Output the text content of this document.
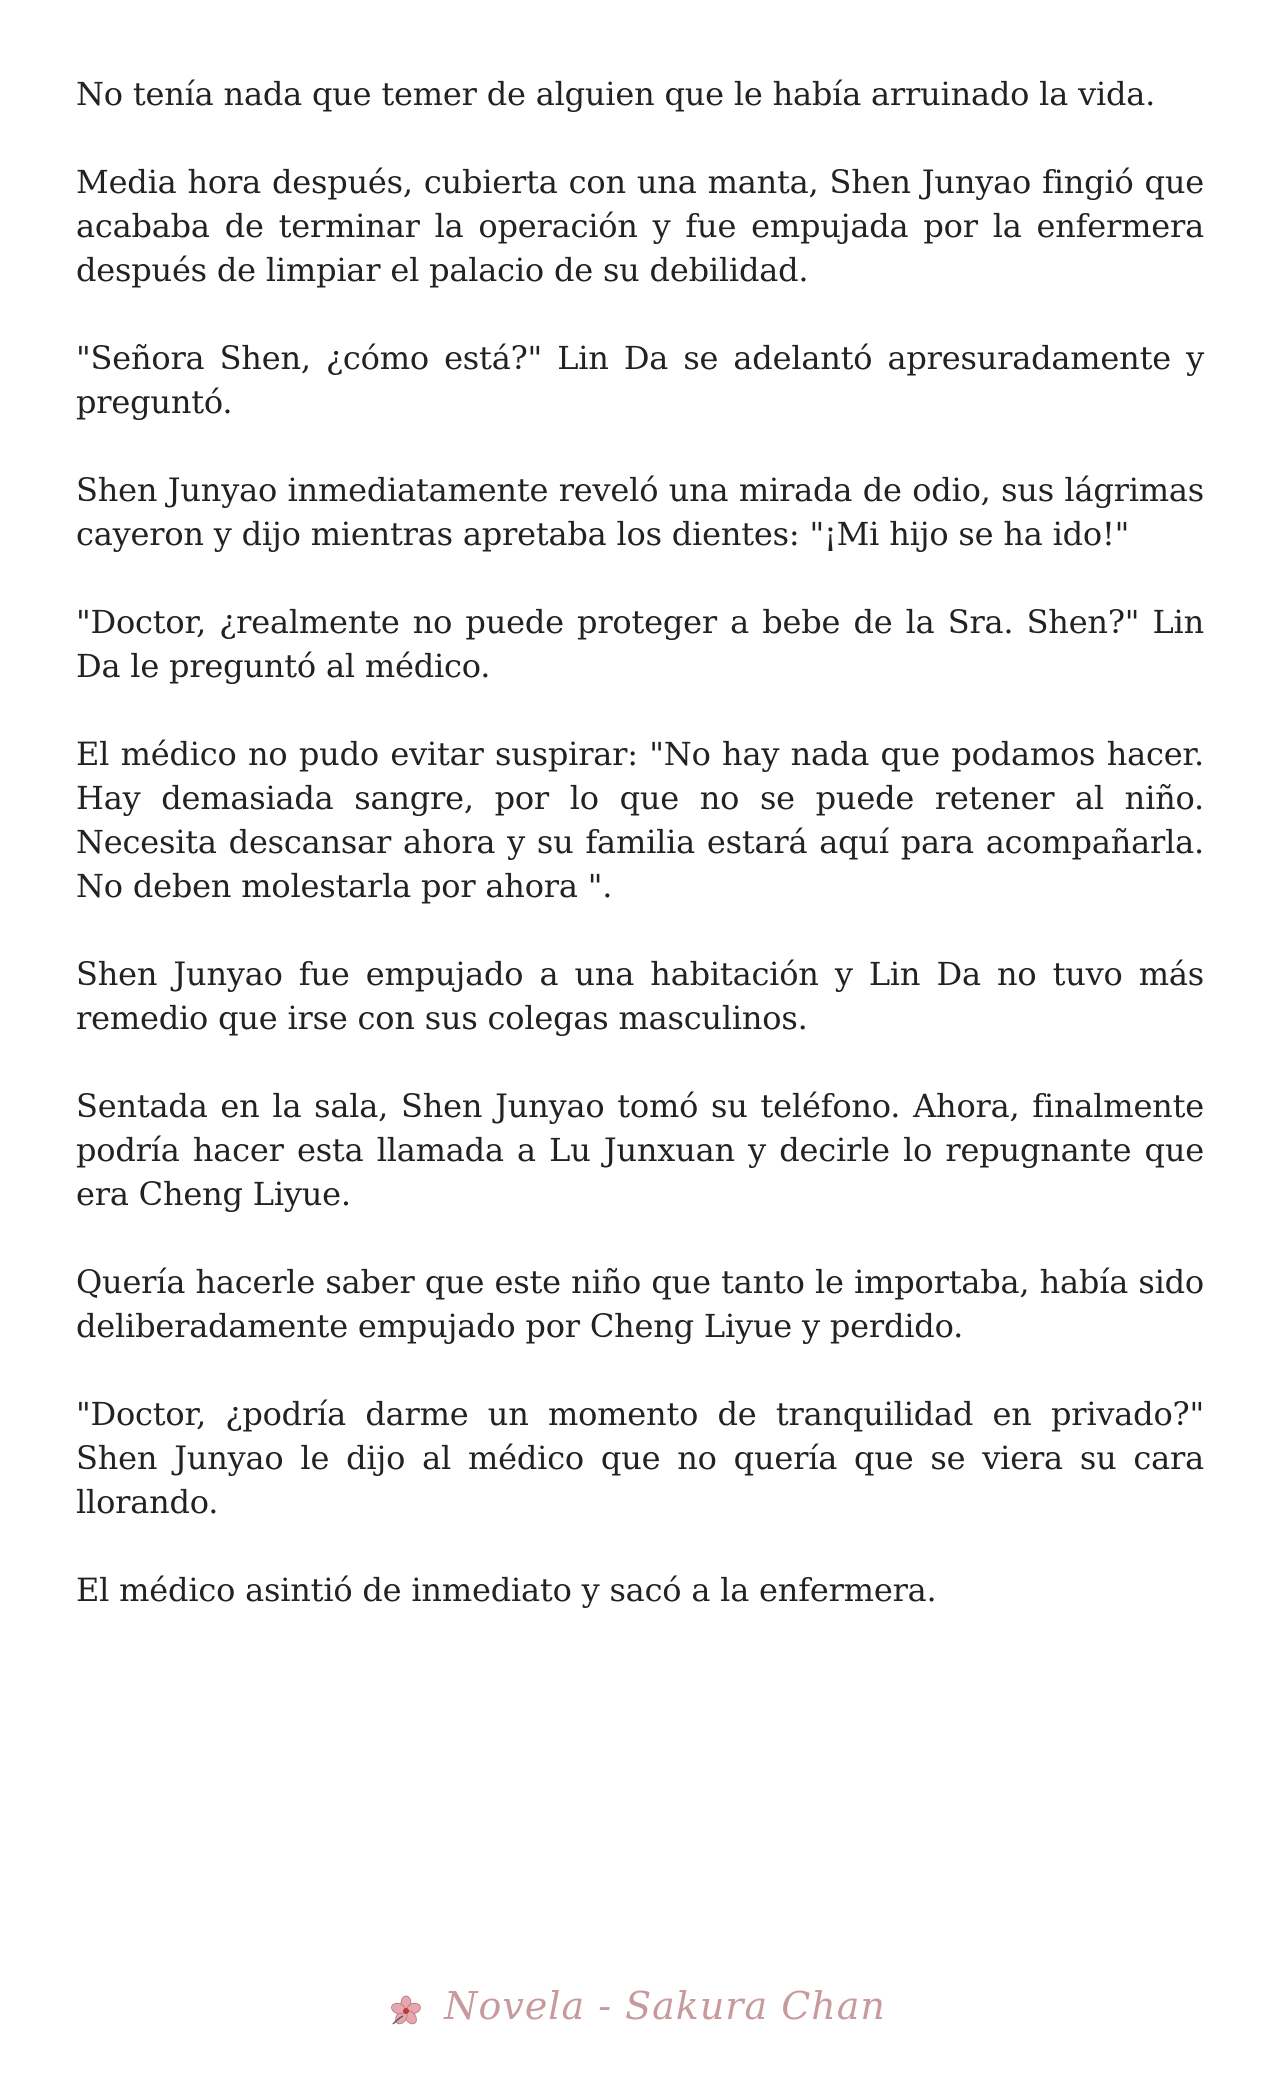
No tenía nada que temer de alguien que le había arruinado la vida.

Media hora después, cubierta con una manta, Shen Junyao fingió que acababa de terminar la operación y fue empujada por la enfermera después de limpiar el palacio de su debilidad.

"Señora Shen, ¿cómo está?" Lin Da se adelantó apresuradamente y preguntó.

Shen Junyao inmediatamente reveló una mirada de odio, sus lágrimas cayeron y dijo mientras apretaba los dientes: "¡Mi hijo se ha ido!"

"Doctor, ¿realmente no puede proteger a bebe de la Sra. Shen?" Lin Da le preguntó al médico.

El médico no pudo evitar suspirar: "No hay nada que podamos hacer. Hay demasiada sangre, por lo que no se puede retener al niño. Necesita descansar ahora y su familia estará aquí para acompañarla. No deben molestarla por ahora ".

Shen Junyao fue empujado a una habitación y Lin Da no tuvo más remedio que irse con sus colegas masculinos.

Sentada en la sala, Shen Junyao tomó su teléfono. Ahora, finalmente podría hacer esta llamada a Lu Junxuan y decirle lo repugnante que era Cheng Liyue.

Quería hacerle saber que este niño que tanto le importaba, había sido deliberadamente empujado por Cheng Liyue y perdido.

"Doctor, ¿podría darme un momento de tranquilidad en privado?" Shen Junyao le dijo al médico que no quería que se viera su cara llorando.

El médico asintió de inmediato y sacó a la enfermera.

Novela - Sakura Chan
